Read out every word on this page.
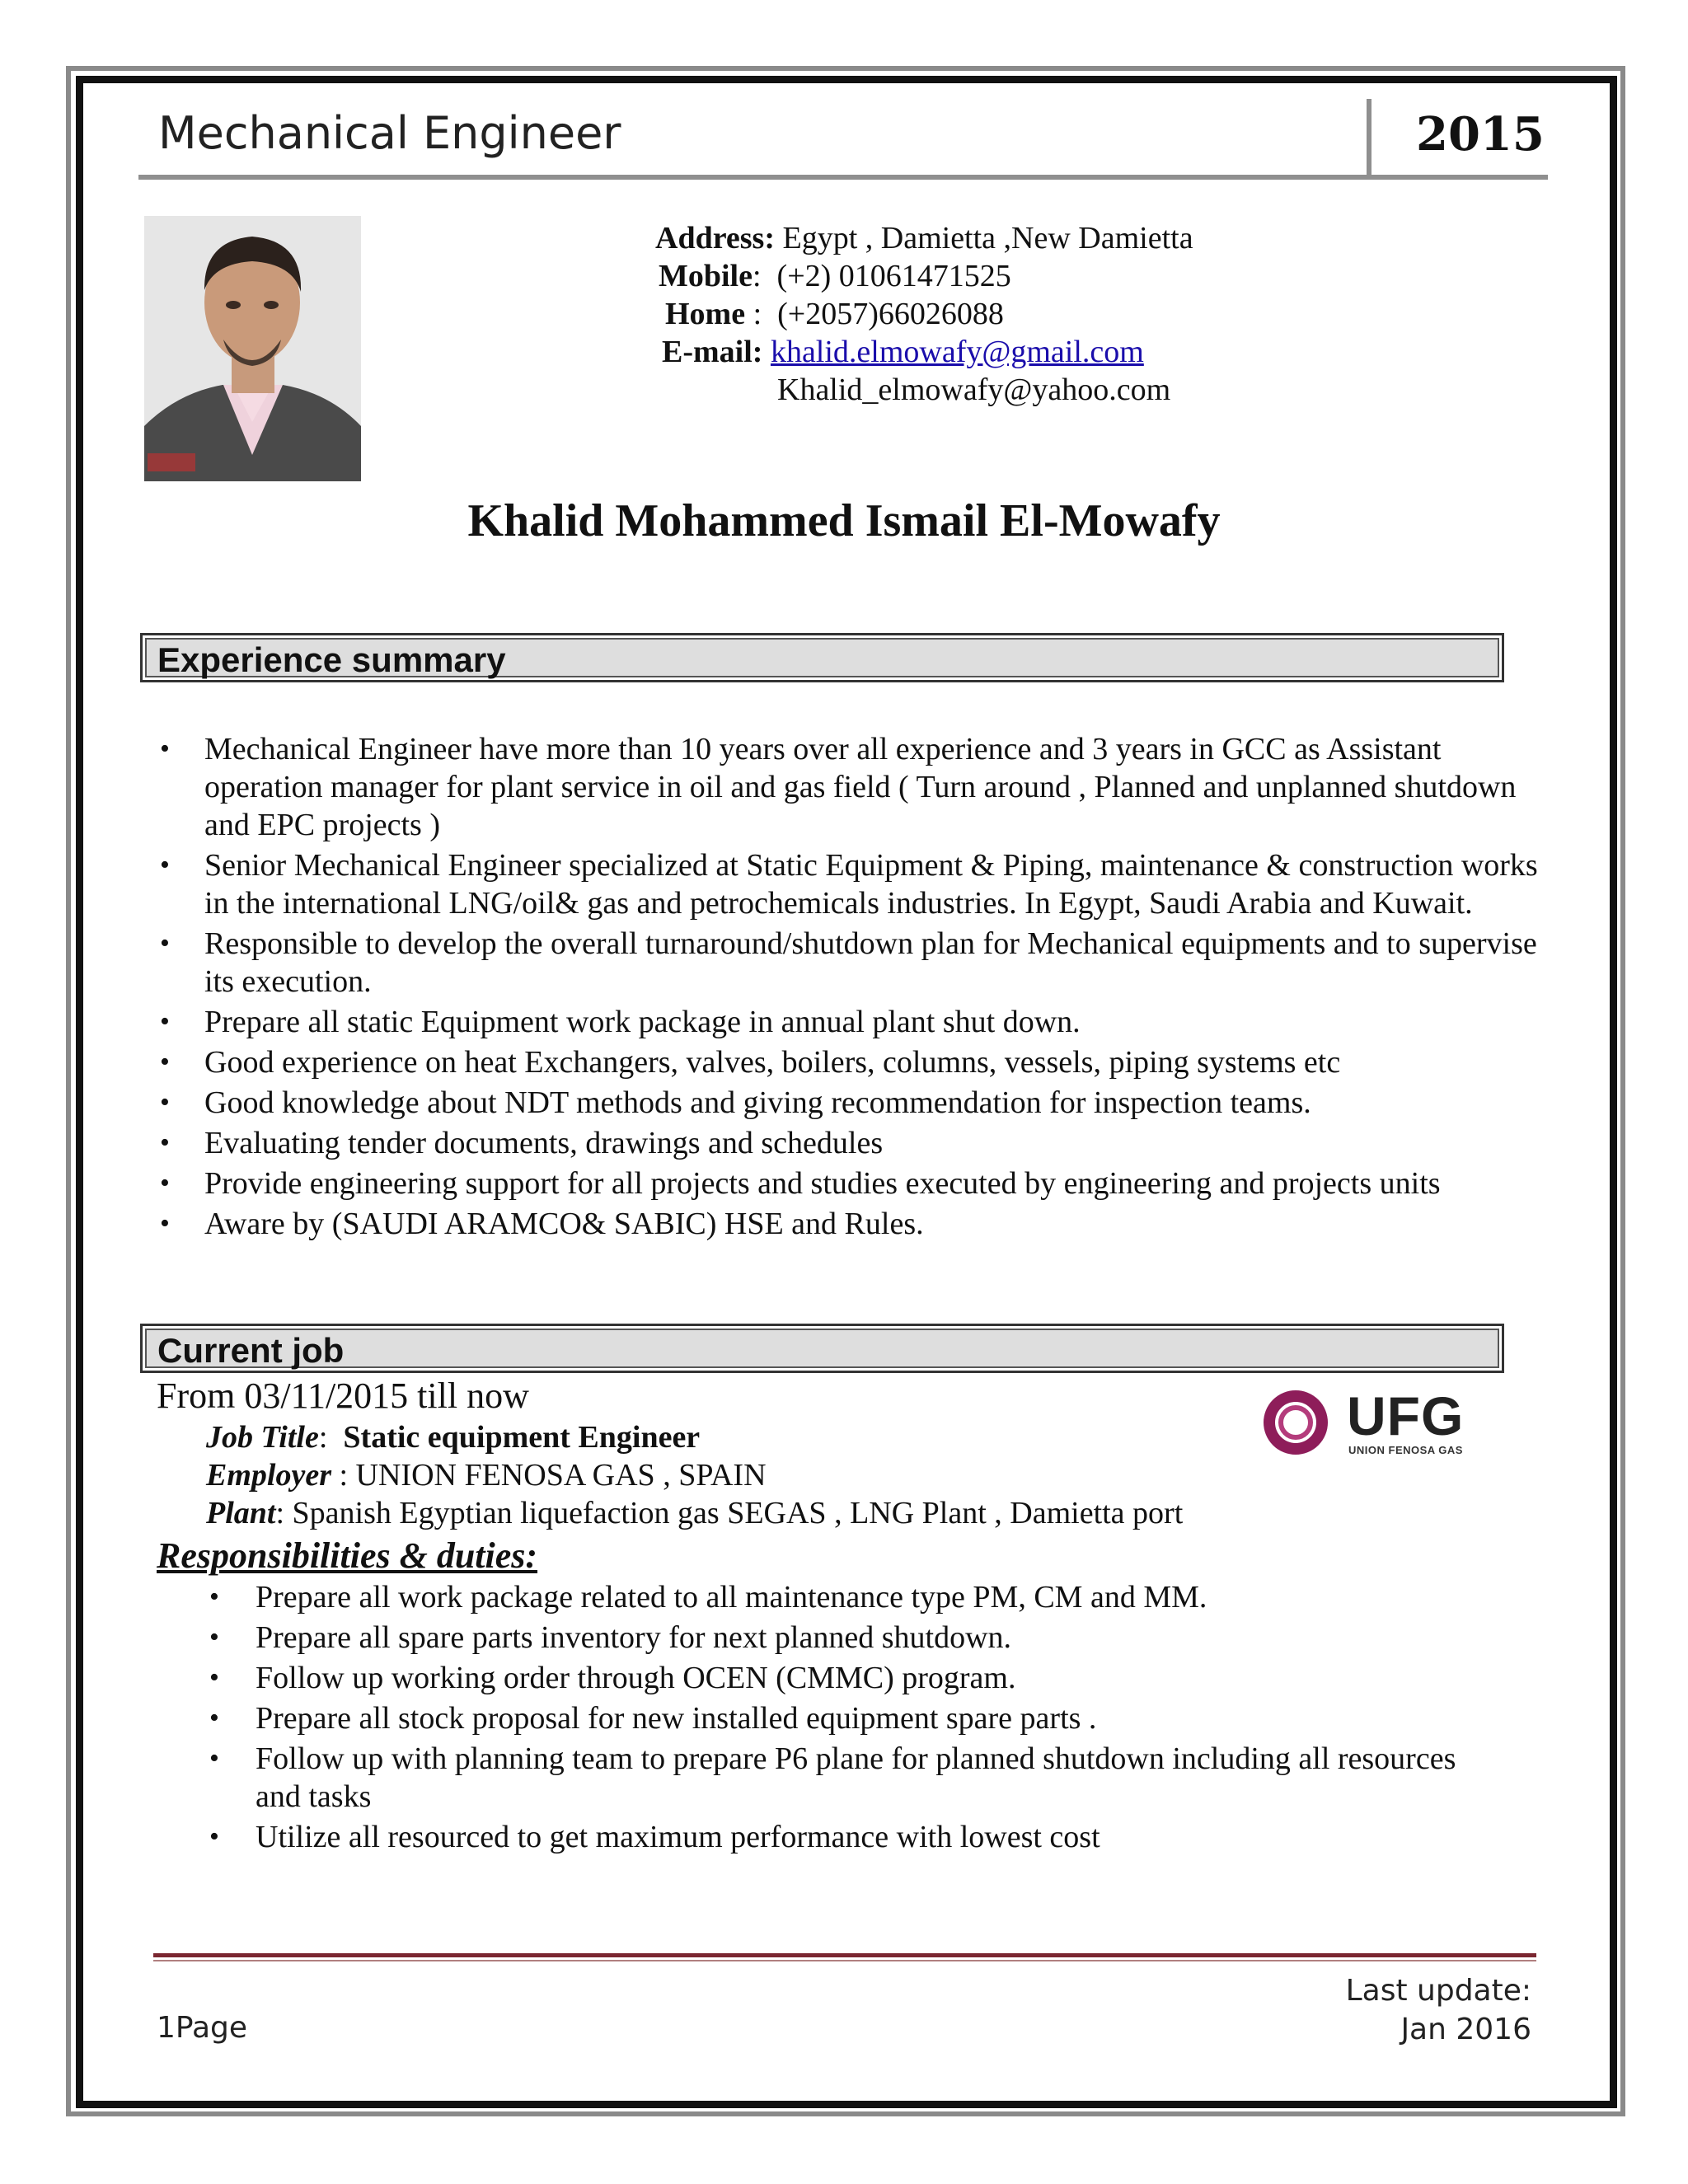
Mechanical Engineer	2015
Address: Egypt , Damietta ,New Damietta
Mobile:  (+2) 01061471525
Home :  (+2057)66026088
E-mail: khalid.elmowafy@gmail.com
Khalid_elmowafy@yahoo.com
Khalid Mohammed Ismail El-Mowafy
Experience summary
• Mechanical Engineer have more than 10 years over all experience and 3 years in GCC as Assistant operation manager for plant service in oil and gas field ( Turn around , Planned and unplanned shutdown and EPC projects )
• Senior Mechanical Engineer specialized at Static Equipment & Piping, maintenance & construction works in the international LNG/oil& gas and petrochemicals industries. In Egypt, Saudi Arabia and Kuwait.
• Responsible to develop the overall turnaround/shutdown plan for Mechanical equipments and to supervise its execution.
• Prepare all static Equipment work package in annual plant shut down.
• Good experience on heat Exchangers, valves, boilers, columns, vessels, piping systems etc
• Good knowledge about NDT methods and giving recommendation for inspection teams.
• Evaluating tender documents, drawings and schedules
• Provide engineering support for all projects and studies executed by engineering and projects units
• Aware by (SAUDI ARAMCO& SABIC) HSE and Rules.
Current job
From 03/11/2015 till now
Job Title:  Static equipment Engineer
Employer : UNION FENOSA GAS , SPAIN
Plant: Spanish Egyptian liquefaction gas SEGAS , LNG Plant , Damietta port
UFG
UNION FENOSA GAS
Responsibilities & duties:
• Prepare all work package related to all maintenance type PM, CM and MM.
• Prepare all spare parts inventory for next planned shutdown.
• Follow up working order through OCEN (CMMC) program.
• Prepare all stock proposal for new installed equipment spare parts .
• Follow up with planning team to prepare P6 plane for planned shutdown including all resources and tasks
• Utilize all resourced to get maximum performance with lowest cost
Last update: Jan 2016
1Page
